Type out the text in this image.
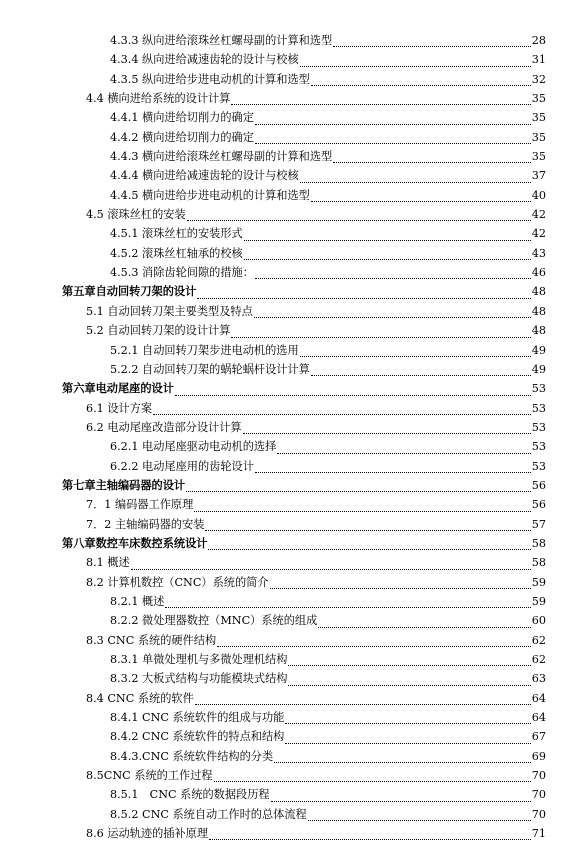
4.3.3 纵向进给滚珠丝杠螺母副的计算和选型	28
4.3.4 纵向进给减速齿轮的设计与校核	31
4.3.5 纵向进给步进电动机的计算和选型	32
4.4 横向进给系统的设计计算	35
4.4.1 横向进给切削力的确定	35
4.4.2 横向进给切削力的确定	35
4.4.3 横向进给滚珠丝杠螺母副的计算和选型	35
4.4.4 横向进给减速齿轮的设计与校核	37
4.4.5 横向进给步进电动机的计算和选型	40
4.5 滚珠丝杠的安装	42
4.5.1 滚珠丝杠的安装形式	42
4.5.2 滚珠丝杠轴承的校核	43
4.5.3 消除齿轮间隙的措施：	46
第五章自动回转刀架的设计	48
5.1 自动回转刀架主要类型及特点	48
5.2 自动回转刀架的设计计算	48
5.2.1 自动回转刀架步进电动机的选用	49
5.2.2 自动回转刀架的蜗轮蜗杆设计计算	49
第六章电动尾座的设计	53
6.1 设计方案	53
6.2 电动尾座改造部分设计计算	53
6.2.1 电动尾座驱动电动机的选择	53
6.2.2 电动尾座用的齿轮设计	53
第七章主轴编码器的设计	56
7．1 编码器工作原理	56
7．2 主轴编码器的安装	57
第八章数控车床数控系统设计	58
8.1 概述	58
8.2 计算机数控（CNC）系统的简介	59
8.2.1 概述	59
8.2.2 微处理器数控（MNC）系统的组成	60
8.3 CNC 系统的硬件结构	62
8.3.1 单微处理机与多微处理机结构	62
8.3.2 大板式结构与功能模块式结构	63
8.4 CNC 系统的软件	64
8.4.1 CNC 系统软件的组成与功能	64
8.4.2 CNC 系统软件的特点和结构	67
8.4.3.CNC 系统软件结构的分类	69
8.5CNC 系统的工作过程	70
8.5.1　CNC 系统的数据段历程	70
8.5.2 CNC 系统自动工作时的总体流程	70
8.6 运动轨迹的插补原理	71
